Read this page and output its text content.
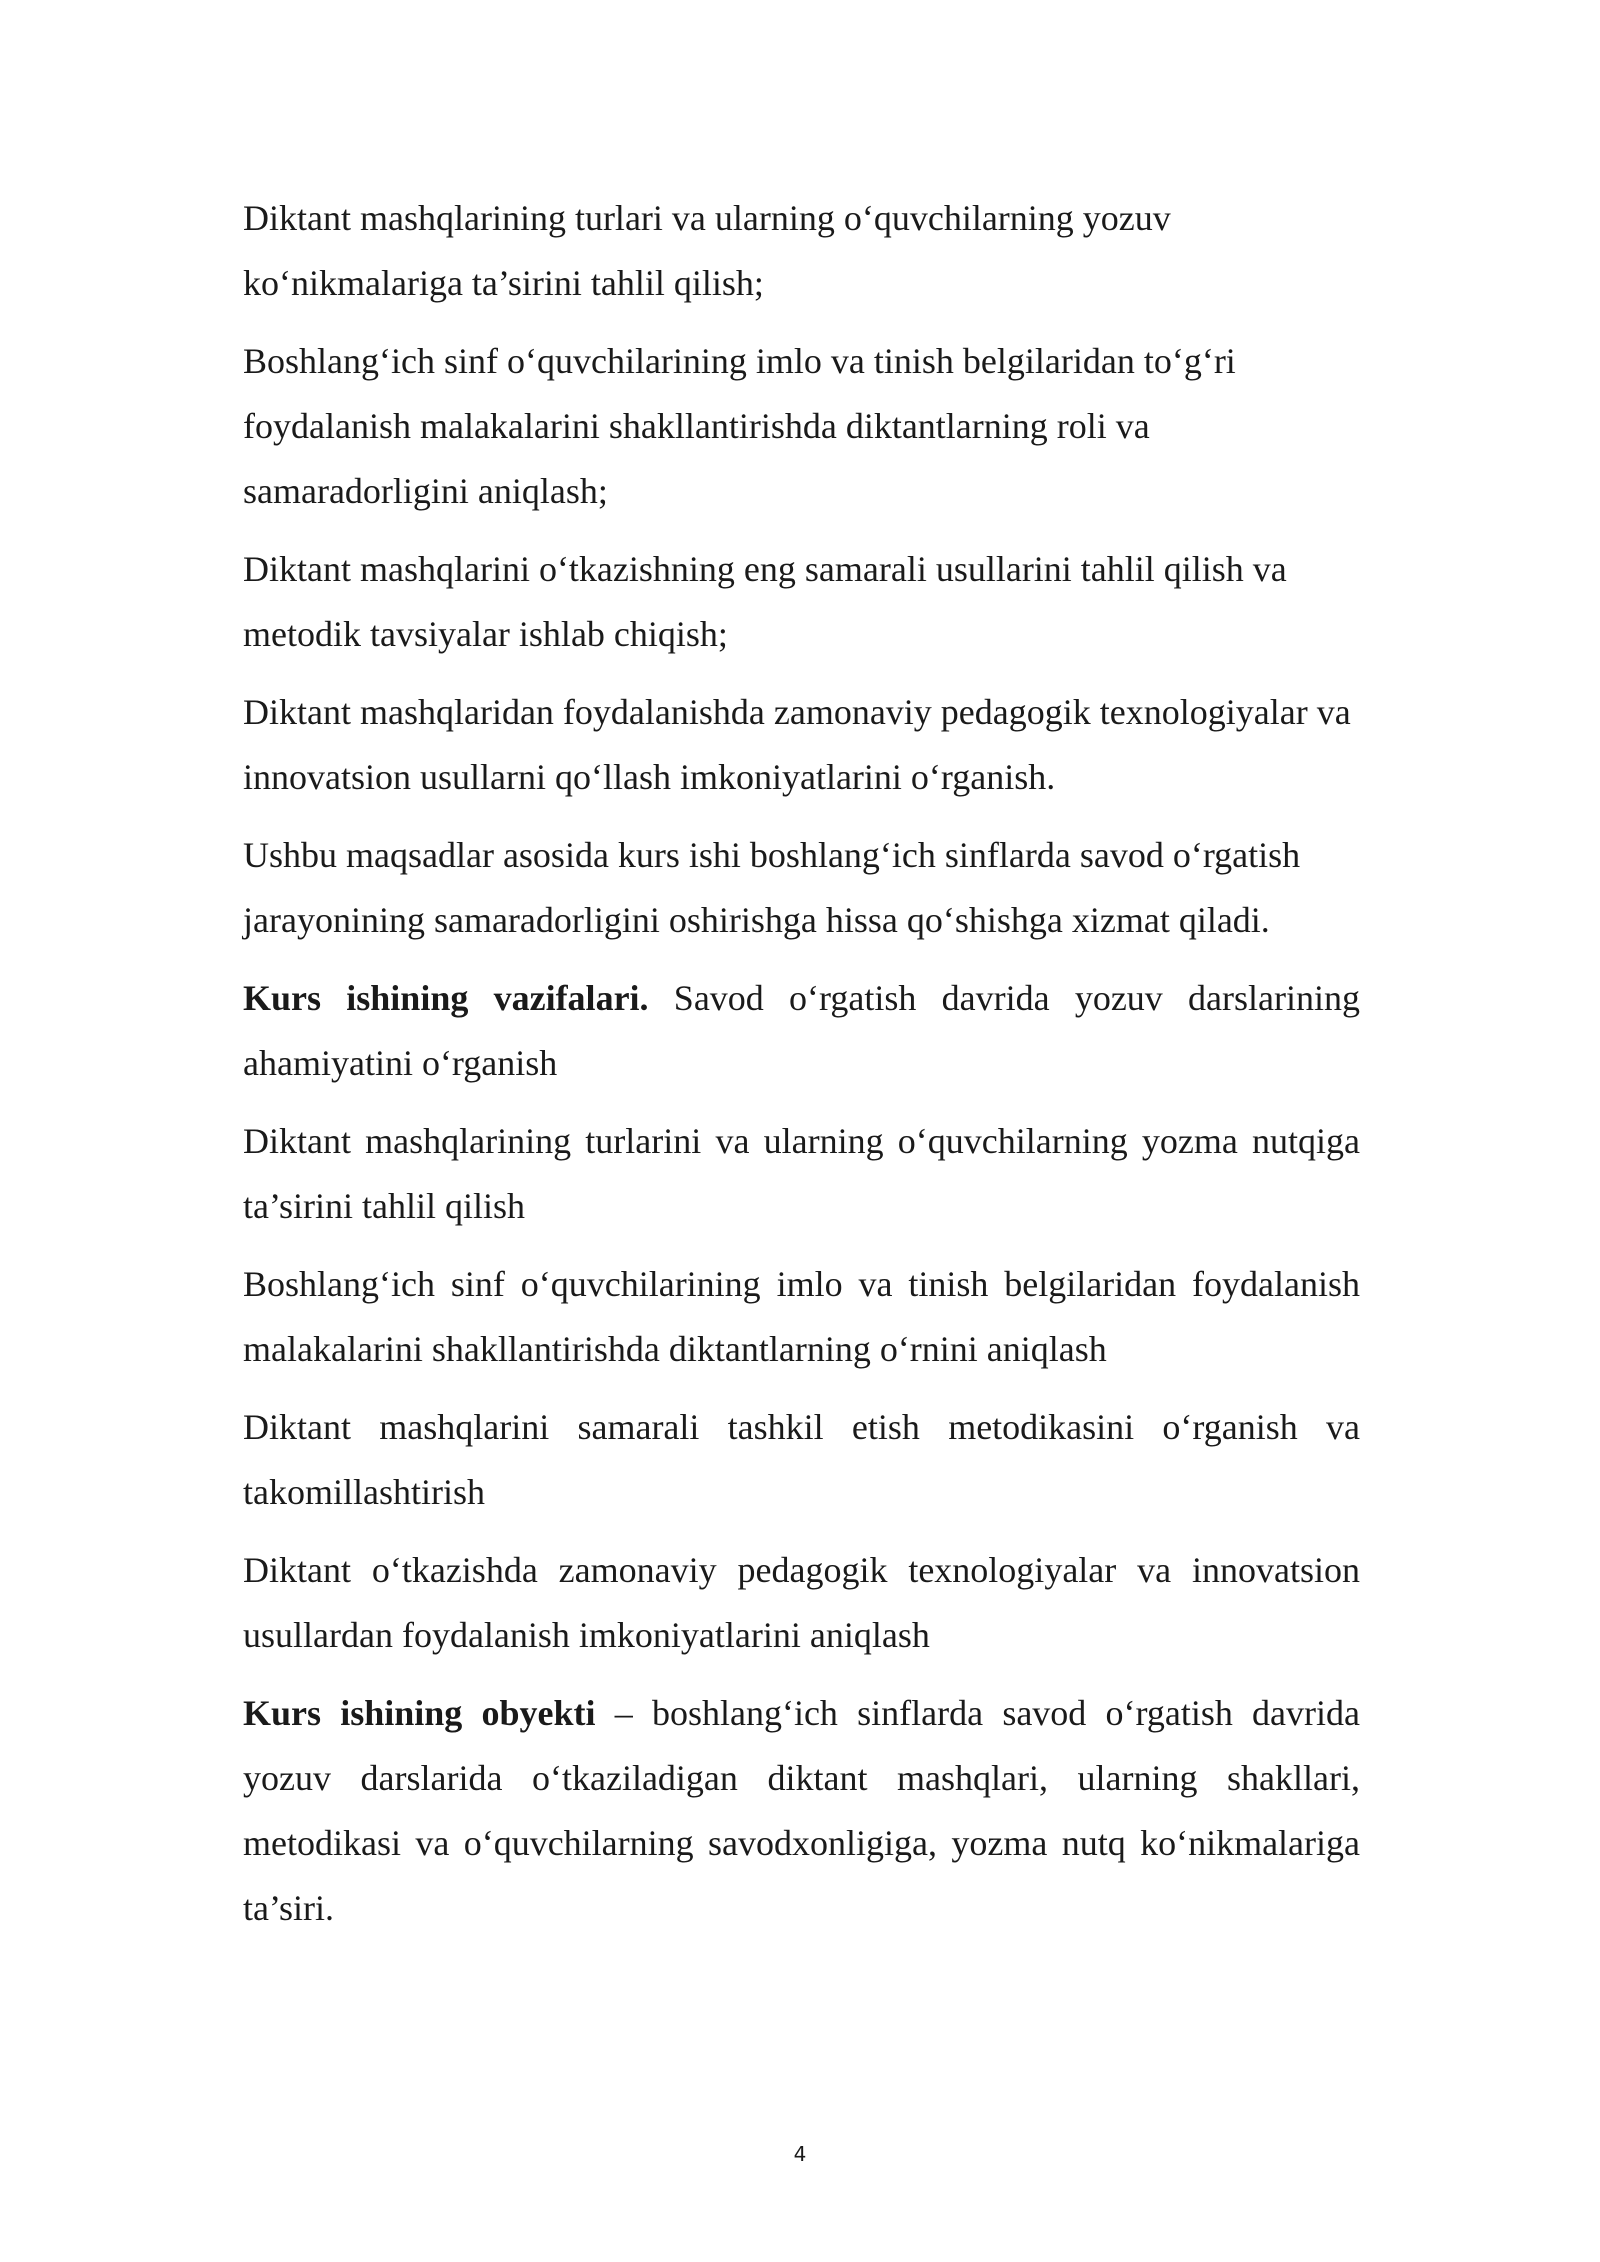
Diktant mashqlarining turlari va ularning o‘quvchilarning yozuv ko‘nikmalariga ta’sirini tahlil qilish;

Boshlang‘ich sinf o‘quvchilarining imlo va tinish belgilaridan to‘g‘ri foydalanish malakalarini shakllantirishda diktantlarning roli va samaradorligini aniqlash;

Diktant mashqlarini o‘tkazishning eng samarali usullarini tahlil qilish va metodik tavsiyalar ishlab chiqish;

Diktant mashqlaridan foydalanishda zamonaviy pedagogik texnologiyalar va innovatsion usullarni qo‘llash imkoniyatlarini o‘rganish.

Ushbu maqsadlar asosida kurs ishi boshlang‘ich sinflarda savod o‘rgatish jarayonining samaradorligini oshirishga hissa qo‘shishga xizmat qiladi.

Kurs ishining vazifalari. Savod o‘rgatish davrida yozuv darslarining ahamiyatini o‘rganish

Diktant mashqlarining turlarini va ularning o‘quvchilarning yozma nutqiga ta’sirini tahlil qilish

Boshlang‘ich sinf o‘quvchilarining imlo va tinish belgilaridan foydalanish malakalarini shakllantirishda diktantlarning o‘rnini aniqlash

Diktant mashqlarini samarali tashkil etish metodikasini o‘rganish va takomillashtirish

Diktant o‘tkazishda zamonaviy pedagogik texnologiyalar va innovatsion usullardan foydalanish imkoniyatlarini aniqlash

Kurs ishining obyekti – boshlang‘ich sinflarda savod o‘rgatish davrida yozuv darslarida o‘tkaziladigan diktant mashqlari, ularning shakllari, metodikasi va o‘quvchilarning savodxonligiga, yozma nutq ko‘nikmalariga ta’siri.

4
